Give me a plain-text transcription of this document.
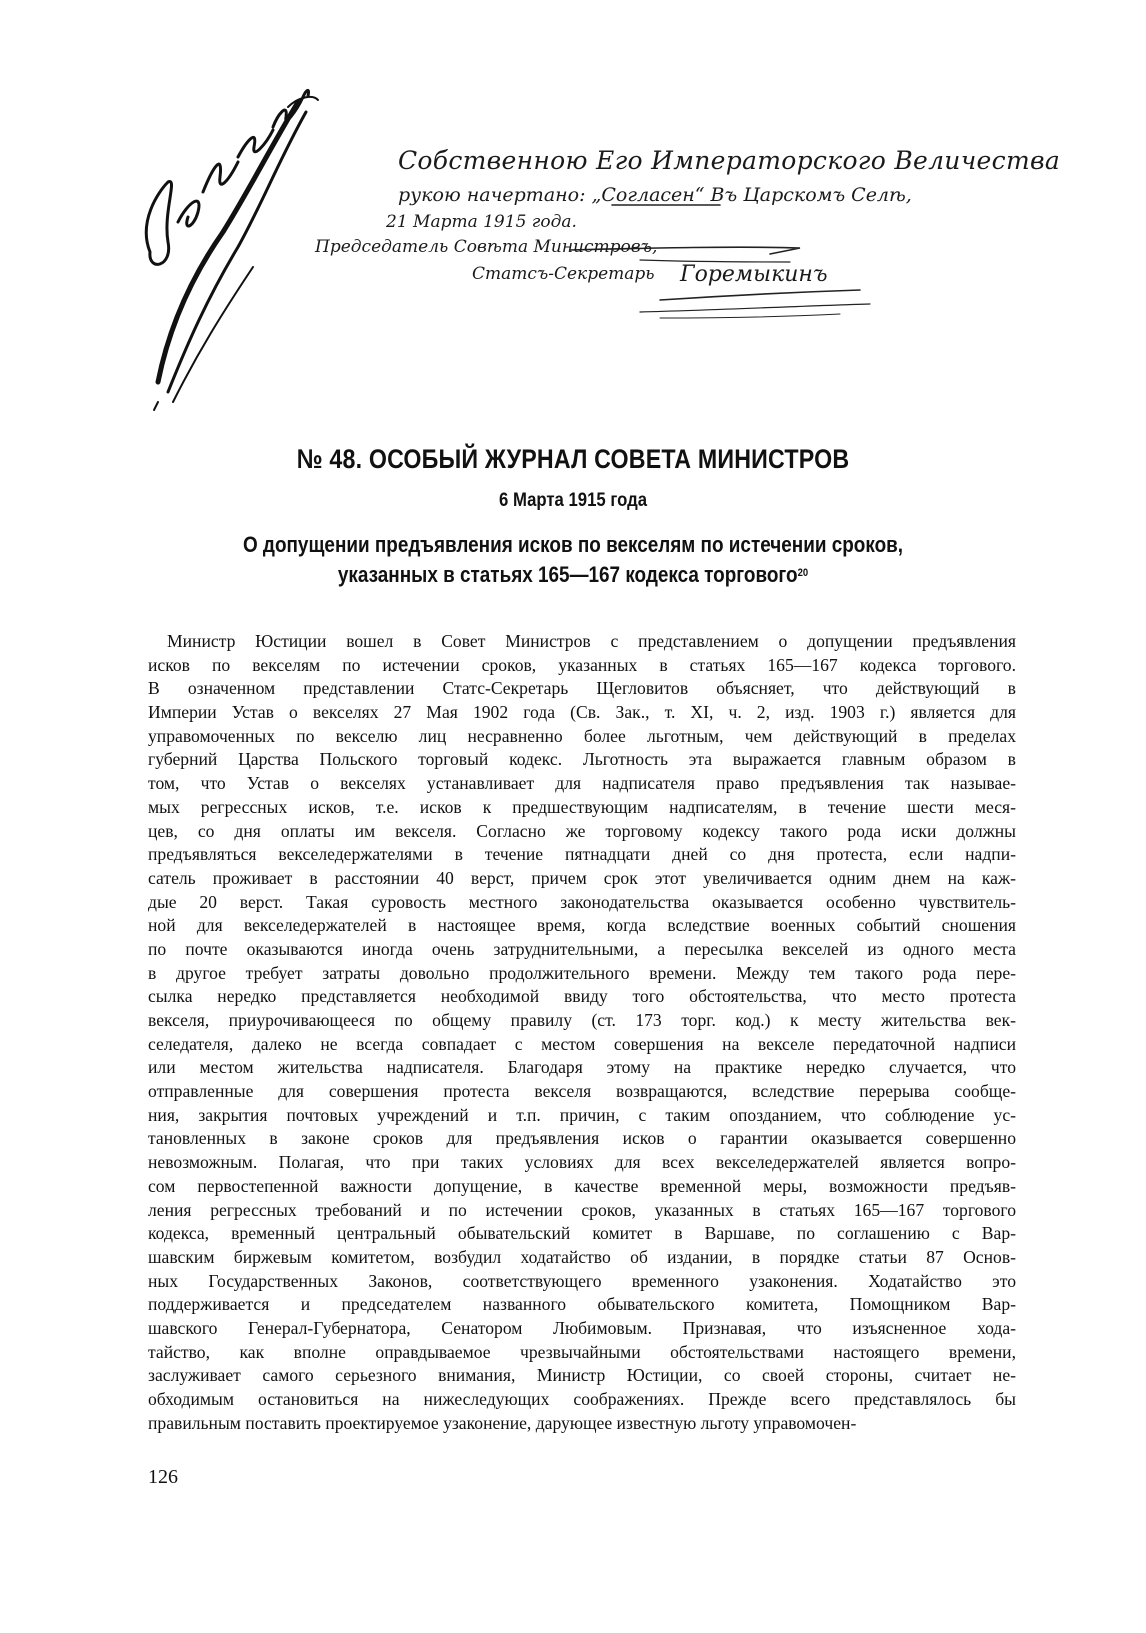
Собственною Его Императорского Величества
рукою начертано: „Согласен“ Въ Царскомъ Селѣ,
21 Марта 1915 года.
Председатель Совѣта Министровъ,
Статсъ-Секретарь Горемыкинъ
№ 48. ОСОБЫЙ ЖУРНАЛ СОВЕТА МИНИСТРОВ
6 Марта 1915 года
О допущении предъявления исков по векселям по истечении сроков,
указанных в статьях 165—167 кодекса торгового$^{20}$
Министр Юстиции вошел в Совет Министров с представлением о допущении предъявления
исков по векселям по истечении сроков, указанных в статьях 165—167 кодекса торгового.
В означенном представлении Статс-Секретарь Щегловитов объясняет, что действующий в
Империи Устав о векселях 27 Мая 1902 года (Св. Зак., т. XI, ч. 2, изд. 1903 г.) является для
управомоченных по векселю лиц несравненно более льготным, чем действующий в пределах
губерний Царства Польского торговый кодекс. Льготность эта выражается главным образом в
том, что Устав о векселях устанавливает для надписателя право предъявления так называе-
мых регрессных исков, т.е. исков к предшествующим надписателям, в течение шести меся-
цев, со дня оплаты им векселя. Согласно же торговому кодексу такого рода иски должны
предъявляться векселедержателями в течение пятнадцати дней со дня протеста, если надпи-
сатель проживает в расстоянии 40 верст, причем срок этот увеличивается одним днем на каж-
дые 20 верст. Такая суровость местного законодательства оказывается особенно чувствитель-
ной для векселедержателей в настоящее время, когда вследствие военных событий сношения
по почте оказываются иногда очень затруднительными, а пересылка векселей из одного места
в другое требует затраты довольно продолжительного времени. Между тем такого рода пере-
сылка нередко представляется необходимой ввиду того обстоятельства, что место протеста
векселя, приурочивающееся по общему правилу (ст. 173 торг. код.) к месту жительства век-
селедателя, далеко не всегда совпадает с местом совершения на векселе передаточной надписи
или местом жительства надписателя. Благодаря этому на практике нередко случается, что
отправленные для совершения протеста векселя возвращаются, вследствие перерыва сообще-
ния, закрытия почтовых учреждений и т.п. причин, с таким опозданием, что соблюдение ус-
тановленных в законе сроков для предъявления исков о гарантии оказывается совершенно
невозможным. Полагая, что при таких условиях для всех векселедержателей является вопро-
сом первостепенной важности допущение, в качестве временной меры, возможности предъяв-
ления регрессных требований и по истечении сроков, указанных в статьях 165—167 торгового
кодекса, временный центральный обывательский комитет в Варшаве, по соглашению с Вар-
шавским биржевым комитетом, возбудил ходатайство об издании, в порядке статьи 87 Основ-
ных Государственных Законов, соответствующего временного узаконения. Ходатайство это
поддерживается и председателем названного обывательского комитета, Помощником Вар-
шавского Генерал-Губернатора, Сенатором Любимовым. Признавая, что изъясненное хода-
тайство, как вполне оправдываемое чрезвычайными обстоятельствами настоящего времени,
заслуживает самого серьезного внимания, Министр Юстиции, со своей стороны, считает не-
обходимым остановиться на нижеследующих соображениях. Прежде всего представлялось бы
правильным поставить проектируемое узаконение, дарующее известную льготу управомочен-
126
